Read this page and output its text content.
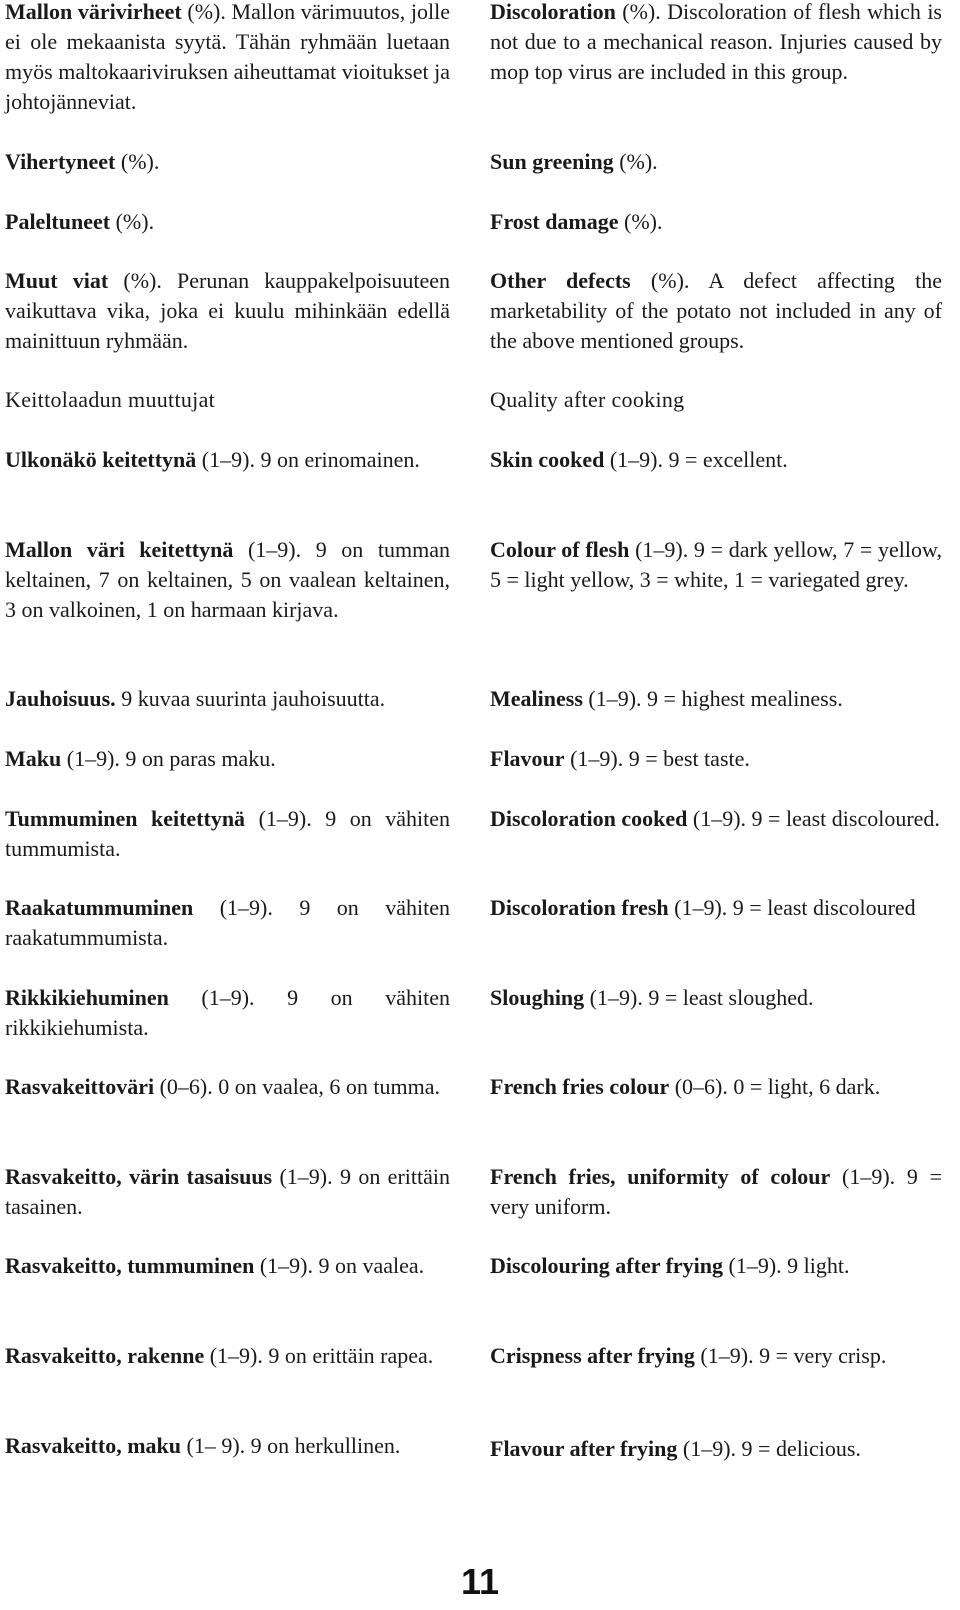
Mallon värivirheet (%). Mallon värimuutos, jolle ei ole mekaanista syytä. Tähän ryhmään luetaan myös maltokaariviruksen aiheuttamat vioitukset ja johtojänneviat.

Vihertyneet (%).

Paleltuneet (%).

Muut viat (%). Perunan kauppakelpoisuuteen vaikuttava vika, joka ei kuulu mihinkään edellä mainittuun ryhmään.

Keittolaadun muuttujat

Ulkonäkö keitettynä (1–9). 9 on erinomainen.

Mallon väri keitettynä (1–9). 9 on tumman keltainen, 7 on keltainen, 5 on vaalean keltainen, 3 on valkoinen, 1 on harmaan kirjava.

Jauhoisuus. 9 kuvaa suurinta jauhoisuutta.

Maku (1–9). 9 on paras maku.

Tummuminen keitettynä (1–9). 9 on vähiten tummumista.

Raakatummuminen (1–9). 9 on vähiten raakatummumista.

Rikkikiehuminen (1–9). 9 on vähiten rikkikiehumista.

Rasvakeittoväri (0–6). 0 on vaalea, 6 on tumma.

Rasvakeitto, värin tasaisuus (1–9). 9 on erittäin tasainen.

Rasvakeitto, tummuminen (1–9). 9 on vaalea.

Rasvakeitto, rakenne (1–9). 9 on erittäin rapea.

Rasvakeitto, maku (1– 9). 9 on herkullinen.

Discoloration (%). Discoloration of flesh which is not due to a mechanical reason. Injuries caused by mop top virus are included in this group.

Sun greening (%).

Frost damage (%).

Other defects (%). A defect affecting the marketability of the potato not included in any of the above mentioned groups.

Quality after cooking

Skin cooked (1–9). 9 = excellent.

Colour of flesh (1–9). 9 = dark yellow, 7 = yellow, 5 = light yellow, 3 = white, 1 = variegated grey.

Mealiness (1–9). 9 = highest mealiness.

Flavour (1–9). 9 = best taste.

Discoloration cooked (1–9). 9 = least discoloured.

Discoloration fresh (1–9). 9 = least discoloured

Sloughing (1–9). 9 = least sloughed.

French fries colour (0–6). 0 = light, 6 dark.

French fries, uniformity of colour (1–9). 9 = very uniform.

Discolouring after frying (1–9). 9 light.

Crispness after frying (1–9). 9 = very crisp.

Flavour after frying (1–9). 9 = delicious.

11
